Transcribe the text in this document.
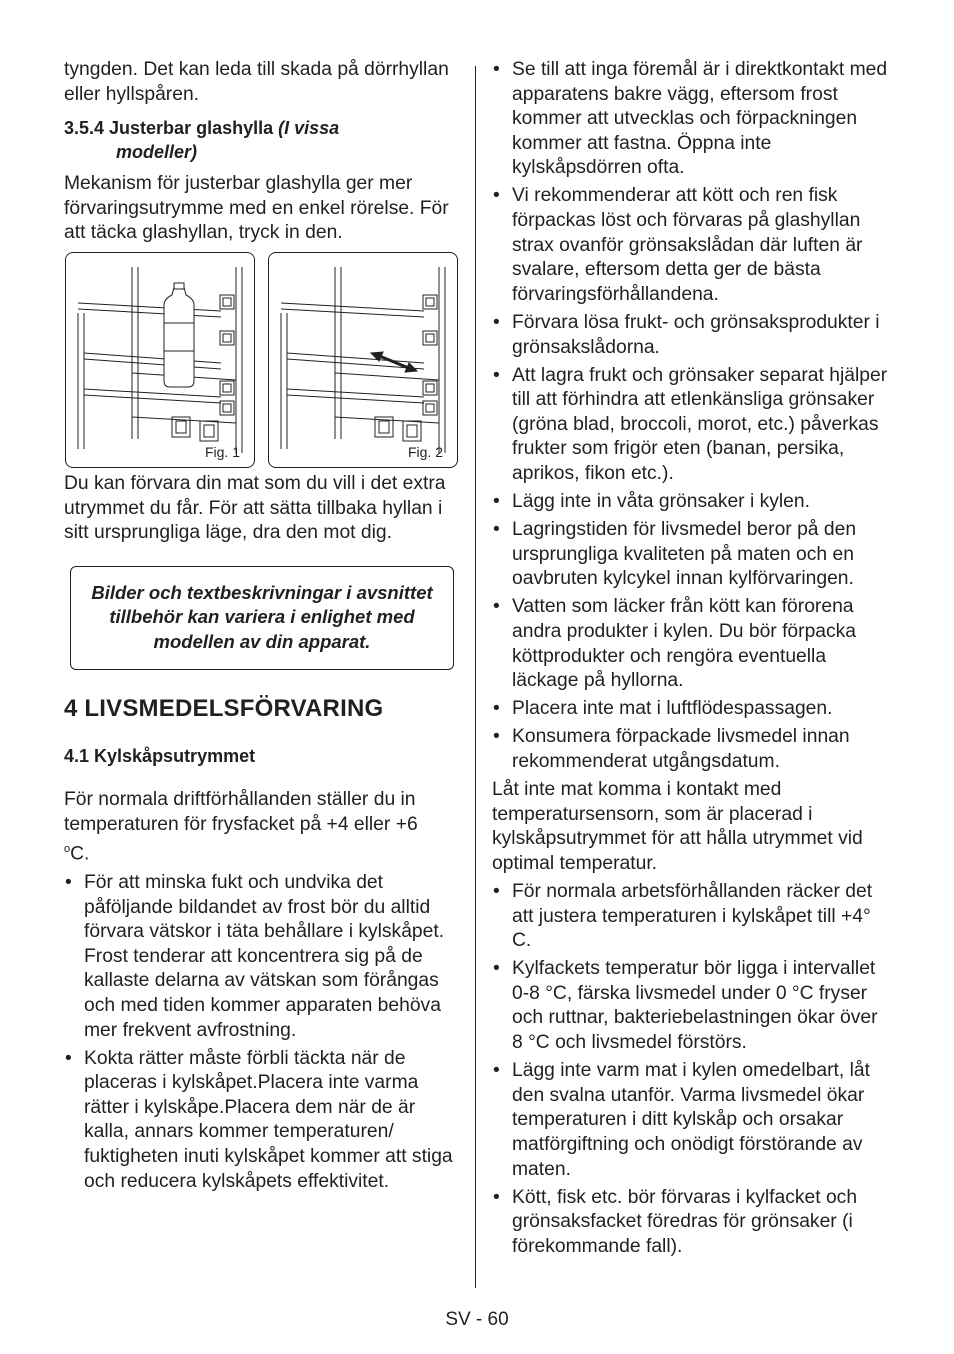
tyngden. Det kan leda till skada på dörrhyllan eller hyllspåren.

3.5.4 Justerbar glashylla (I vissa
modeller)

Mekanism för justerbar glashylla ger mer förvaringsutrymme med en enkel rörelse. För att täcka glashyllan, tryck in den.

Fig. 1	Fig. 2

Du kan förvara din mat som du vill i det extra utrymmet du får. För att sätta tillbaka hyllan i sitt ursprungliga läge, dra den mot dig.

Bilder och textbeskrivningar i avsnittet tillbehör kan variera i enlighet med modellen av din apparat.
4 LIVSMEDELSFÖRVARING
4.1 Kylskåpsutrymmet

För normala driftförhållanden ställer du in temperaturen för frysfacket på +4 eller +6
$^o$C.

• För att minska fukt och undvika det påföljande bildandet av frost bör du alltid förvara vätskor i täta behållare i kylskåpet. Frost tenderar att koncentrera sig på de kallaste delarna av vätskan som förångas och med tiden kommer apparaten behöva mer frekvent avfrostning.
• Kokta rätter måste förbli täckta när de placeras i kylskåpet.Placera inte varma rätter i kylskåpe.Placera dem när de är kalla, annars kommer temperaturen/ fuktigheten inuti kylskåpet kommer att stiga och reducera kylskåpets effektivitet.
• Se till att inga föremål är i direktkontakt med apparatens bakre vägg, eftersom frost kommer att utvecklas och förpackningen kommer att fastna. Öppna inte kylskåpsdörren ofta.
• Vi rekommenderar att kött och ren fisk förpackas löst och förvaras på glashyllan strax ovanför grönsakslådan där luften är svalare, eftersom detta ger de bästa förvaringsförhållandena.
• Förvara lösa frukt- och grönsaksprodukter i grönsakslådorna.
• Att lagra frukt och grönsaker separat hjälper till att förhindra att etlenkänsliga grönsaker (gröna blad, broccoli, morot, etc.) påverkas frukter som frigör eten (banan, persika, aprikos, fikon etc.).
• Lägg inte in våta grönsaker i kylen.
• Lagringstiden för livsmedel beror på den ursprungliga kvaliteten på maten och en oavbruten kylcykel innan kylförvaringen.
• Vatten som läcker från kött kan förorena andra produkter i kylen. Du bör förpacka köttprodukter och rengöra eventuella läckage på hyllorna.
• Placera inte mat i luftflödespassagen.
• Konsumera förpackade livsmedel innan rekommenderat utgångsdatum.

Låt inte mat komma i kontakt med temperatursensorn, som är placerad i kylskåpsutrymmet för att hålla utrymmet vid optimal temperatur.

• För normala arbetsförhållanden räcker det att justera temperaturen i kylskåpet till +4° C.
• Kylfackets temperatur bör ligga i intervallet 0-8 °C, färska livsmedel under 0 °C fryser och ruttnar, bakteriebelastningen ökar över 8 °C och livsmedel förstörs.
• Lägg inte varm mat i kylen omedelbart, låt den svalna utanför. Varma livsmedel ökar temperaturen i ditt kylskåp och orsakar matförgiftning och onödigt förstörande av maten.
• Kött, fisk etc. bör förvaras i kylfacket och grönsaksfacket föredras för grönsaker (i förekommande fall).
SV - 60
